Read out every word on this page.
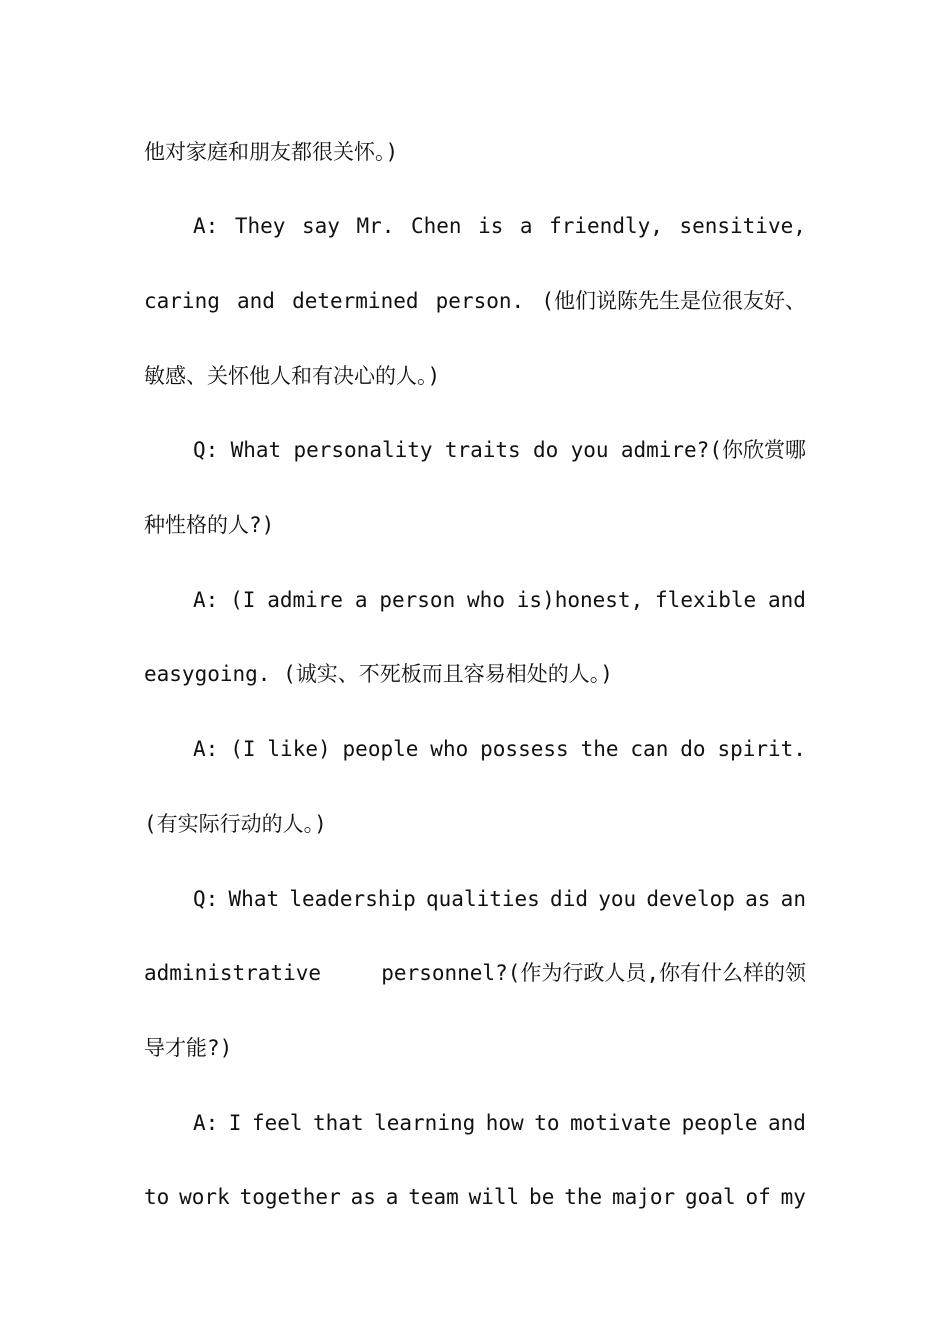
他对家庭和朋友都很关怀。)
A: They say Mr. Chen is a friendly, sensitive,
caring and determined person. (他们说陈先生是位很友好、
敏感、关怀他人和有决心的人。)
Q: What personality traits do you admire?(你欣赏哪
种性格的人?)
A: (I admire a person who is)honest, flexible and
easygoing. (诚实、不死板而且容易相处的人。)
A: (I like) people who possess the can do spirit.
(有实际行动的人。)
Q: What leadership qualities did you develop as an
administrative	personnel?(作为行政人员,你有什么样的领
导才能?)
A: I feel that learning how to motivate people and
to work together as a team will be the major goal of my
